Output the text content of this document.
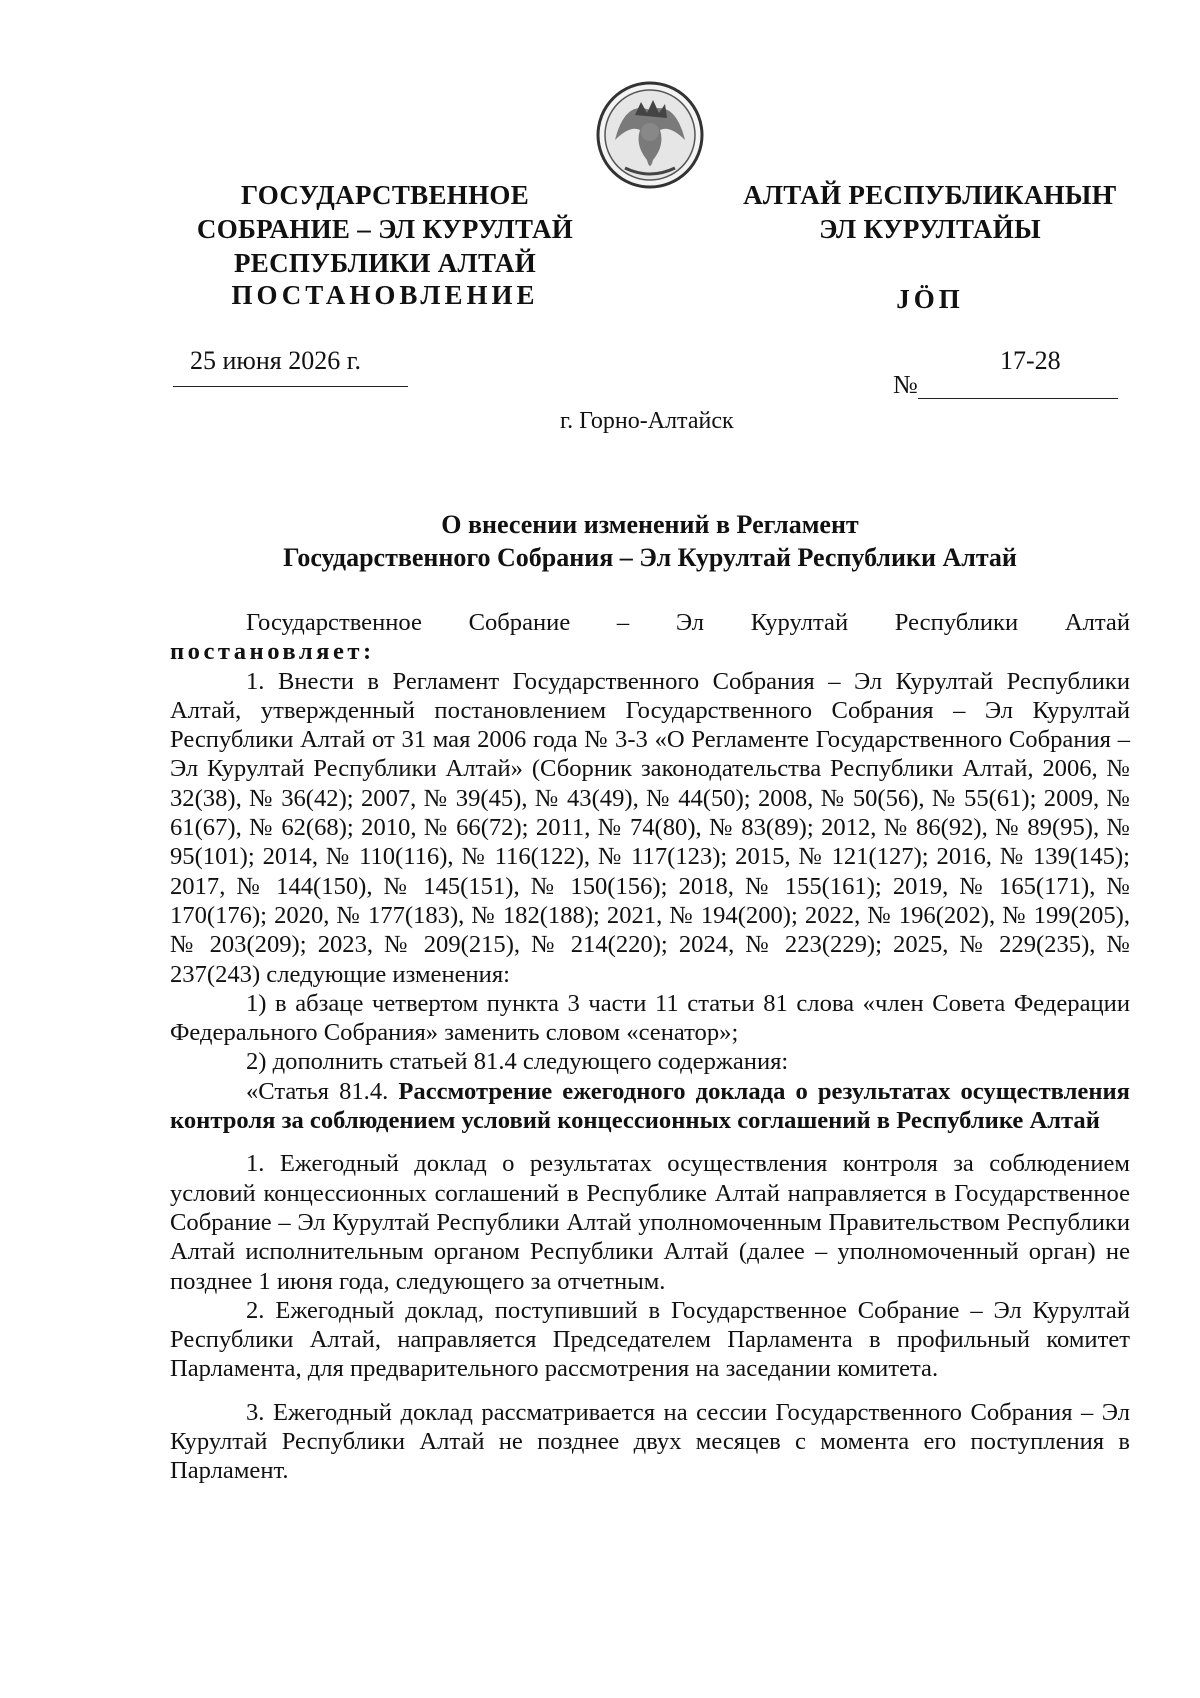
ГОСУДАРСТВЕННОЕ
СОБРАНИЕ – ЭЛ КУРУЛТАЙ
РЕСПУБЛИКИ АЛТАЙ
АЛТАЙ РЕСПУБЛИКАНЫҤ
ЭЛ КУРУЛТАЙЫ
ПОСТАНОВЛЕНИЕ	ЈÖП
25 июня 2026 г.	17-28
№
г. Горно-Алтайск
О внесении изменений в Регламент
Государственного Собрания – Эл Курултай Республики Алтай

Государственное Собрание – Эл Курултай Республики Алтай

постановляет:

1. Внести в Регламент Государственного Собрания – Эл Курултай Республики Алтай, утвержденный постановлением Государственного Собрания – Эл Курултай Республики Алтай от 31 мая 2006 года № 3-3 «О Регламенте Государственного Собрания – Эл Курултай Республики Алтай» (Сборник законодательства Республики Алтай, 2006, № 32(38), № 36(42); 2007, № 39(45), № 43(49), № 44(50); 2008, № 50(56), № 55(61); 2009, № 61(67), № 62(68); 2010, № 66(72); 2011, № 74(80), № 83(89); 2012, № 86(92), № 89(95), № 95(101); 2014, № 110(116), № 116(122), № 117(123); 2015, № 121(127); 2016, № 139(145); 2017, № 144(150), № 145(151), № 150(156); 2018, № 155(161); 2019, № 165(171), № 170(176); 2020, № 177(183), № 182(188); 2021, № 194(200); 2022, № 196(202), № 199(205), № 203(209); 2023, № 209(215), № 214(220); 2024, № 223(229); 2025, № 229(235), № 237(243) следующие изменения:

1) в абзаце четвертом пункта 3 части 11 статьи 81 слова «член Совета Федерации Федерального Собрания» заменить словом «сенатор»;

2) дополнить статьей 81.4 следующего содержания:

«Статья 81.4. Рассмотрение ежегодного доклада о результатах осуществления контроля за соблюдением условий концессионных соглашений в Республике Алтай

1. Ежегодный доклад о результатах осуществления контроля за соблюдением условий концессионных соглашений в Республике Алтай направляется в Государственное Собрание – Эл Курултай Республики Алтай уполномоченным Правительством Республики Алтай исполнительным органом Республики Алтай (далее – уполномоченный орган) не позднее 1 июня года, следующего за отчетным.

2. Ежегодный доклад, поступивший в Государственное Собрание – Эл Курултай Республики Алтай, направляется Председателем Парламента в профильный комитет Парламента, для предварительного рассмотрения на заседании комитета.

3. Ежегодный доклад рассматривается на сессии Государственного Собрания – Эл Курултай Республики Алтай не позднее двух месяцев с момента его поступления в Парламент.
